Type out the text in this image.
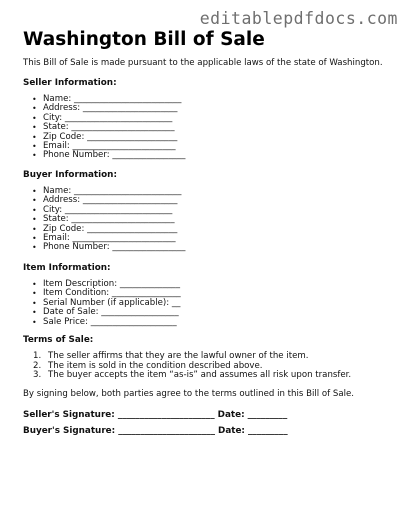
editablepdfdocs.com
Washington Bill of Sale
This Bill of Sale is made pursuant to the applicable laws of the state of Washington.
Seller Information:
• Name: _________________________
• Address: ______________________
• City: _________________________
• State: ________________________
• Zip Code: _____________________
• Email: ________________________
• Phone Number: _________________
Buyer Information:
• Name: _________________________
• Address: ______________________
• City: _________________________
• State: ________________________
• Zip Code: _____________________
• Email: ________________________
• Phone Number: _________________
Item Information:
• Item Description: ______________
• Item Condition: ________________
• Serial Number (if applicable): __
• Date of Sale: __________________
• Sale Price: ____________________
Terms of Sale:
1. The seller affirms that they are the lawful owner of the item.
2. The item is sold in the condition described above.
3. The buyer accepts the item “as-is” and assumes all risk upon transfer.
By signing below, both parties agree to the terms outlined in this Bill of Sale.
Seller's Signature: ______________________ Date: _________
Buyer's Signature: ______________________ Date: _________
